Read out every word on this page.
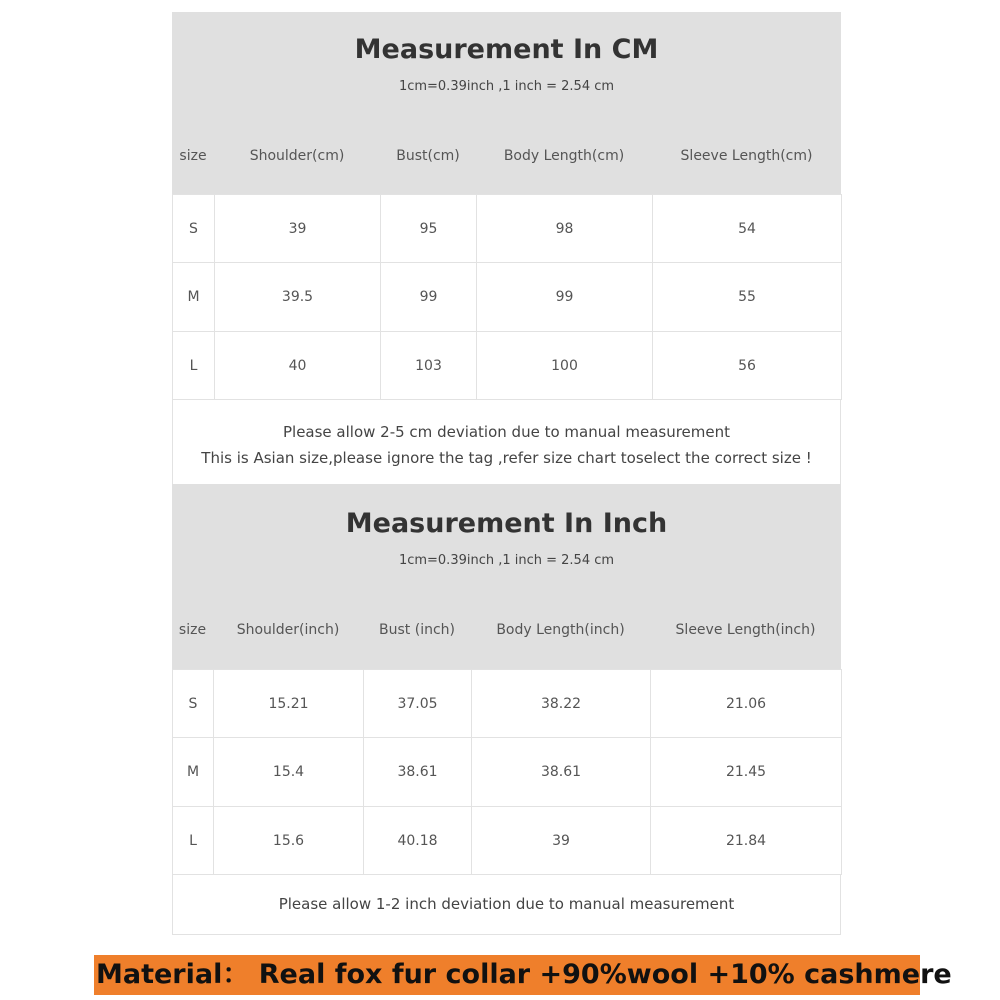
Measurement In CM
1cm=0.39inch ,1 inch = 2.54 cm
size	Shoulder(cm)	Bust(cm)	Body Length(cm)	Sleeve Length(cm)
S	39	95	98	54
M	39.5	99	99	55
L	40	103	100	56
Please allow 2-5 cm deviation due to manual measurement
This is Asian size,please ignore the tag ,refer size chart toselect the correct size !
Measurement In Inch
1cm=0.39inch ,1 inch = 2.54 cm
size	Shoulder(inch)	Bust (inch)	Body Length(inch)	Sleeve Length(inch)
S	15.21	37.05	38.22	21.06
M	15.4	38.61	38.61	21.45
L	15.6	40.18	39	21.84
Please allow 1-2 inch deviation due to manual measurement
Material： Real fox fur collar +90%wool +10% cashmere
